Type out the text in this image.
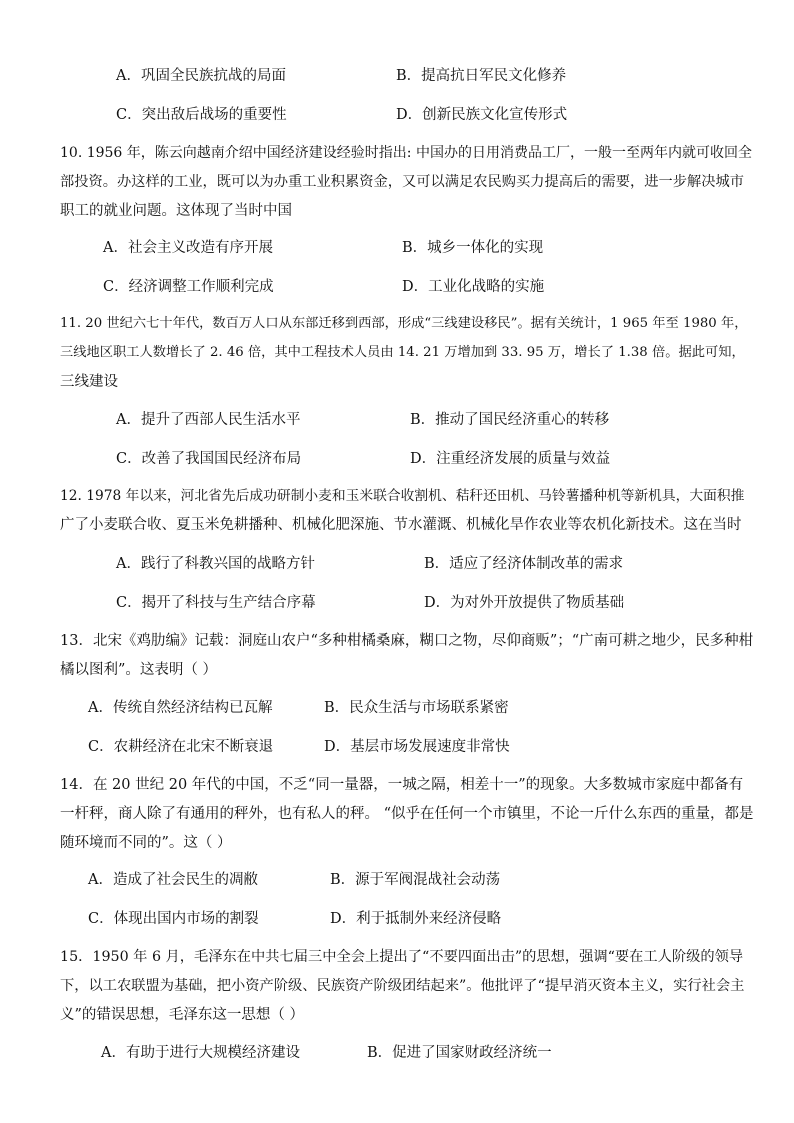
A．巩固全民族抗战的局面	B．提高抗日军民文化修养
C．突出敌后战场的重要性	D．创新民族文化宣传形式
10. 1956 年，陈云向越南介绍中国经济建设经验时指出: 中国办的日用消费品工厂，一般一至两年内就可收回全
部投资。办这样的工业，既可以为办重工业积累资金，又可以满足农民购买力提高后的需要，进一步解决城市
职工的就业问题。这体现了当时中国
A．社会主义改造有序开展	B．城乡一体化的实现
C．经济调整工作顺利完成	D．工业化战略的实施
11. 20 世纪六七十年代，数百万人口从东部迁移到西部，形成“三线建设移民”。据有关统计，1 965 年至 1980 年，
三线地区职工人数增长了 2. 46 倍，其中工程技术人员由 14. 21 万增加到 33. 95 万，增长了 1.38 倍。据此可知，
三线建设
A．提升了西部人民生活水平	B．推动了国民经济重心的转移
C．改善了我国国民经济布局	D．注重经济发展的质量与效益
12. 1978 年以来，河北省先后成功研制小麦和玉米联合收割机、秸秆还田机、马铃薯播种机等新机具，大面积推
广了小麦联合收、夏玉米免耕播种、机械化肥深施、节水灌溉、机械化旱作农业等农机化新技术。这在当时
A．践行了科教兴国的战略方针	B．适应了经济体制改革的需求
C．揭开了科技与生产结合序幕	D．为对外开放提供了物质基础
13．北宋《鸡肋编》记载：洞庭山农户“多种柑橘桑麻，糊口之物，尽仰商贩”；“广南可耕之地少，民多种柑
橘以图利”。这表明（ ）
A．传统自然经济结构已瓦解	B．民众生活与市场联系紧密
C．农耕经济在北宋不断衰退	D．基层市场发展速度非常快
14．在 20 世纪 20 年代的中国，不乏“同一量器，一城之隔，相差十一”的现象。大多数城市家庭中都备有
一杆秤，商人除了有通用的秤外，也有私人的秤。 “似乎在任何一个市镇里，不论一斤什么东西的重量，都是
随环境而不同的”。这（ ）
A．造成了社会民生的凋敝	B．源于军阀混战社会动荡
C．体现出国内市场的割裂	D．利于抵制外来经济侵略
15．1950 年 6 月，毛泽东在中共七届三中全会上提出了“不要四面出击”的思想，强调“要在工人阶级的领导
下，以工农联盟为基础，把小资产阶级、民族资产阶级团结起来”。他批评了“提早消灭资本主义，实行社会主
义”的错误思想，毛泽东这一思想（ ）
A．有助于进行大规模经济建设	B．促进了国家财政经济统一
